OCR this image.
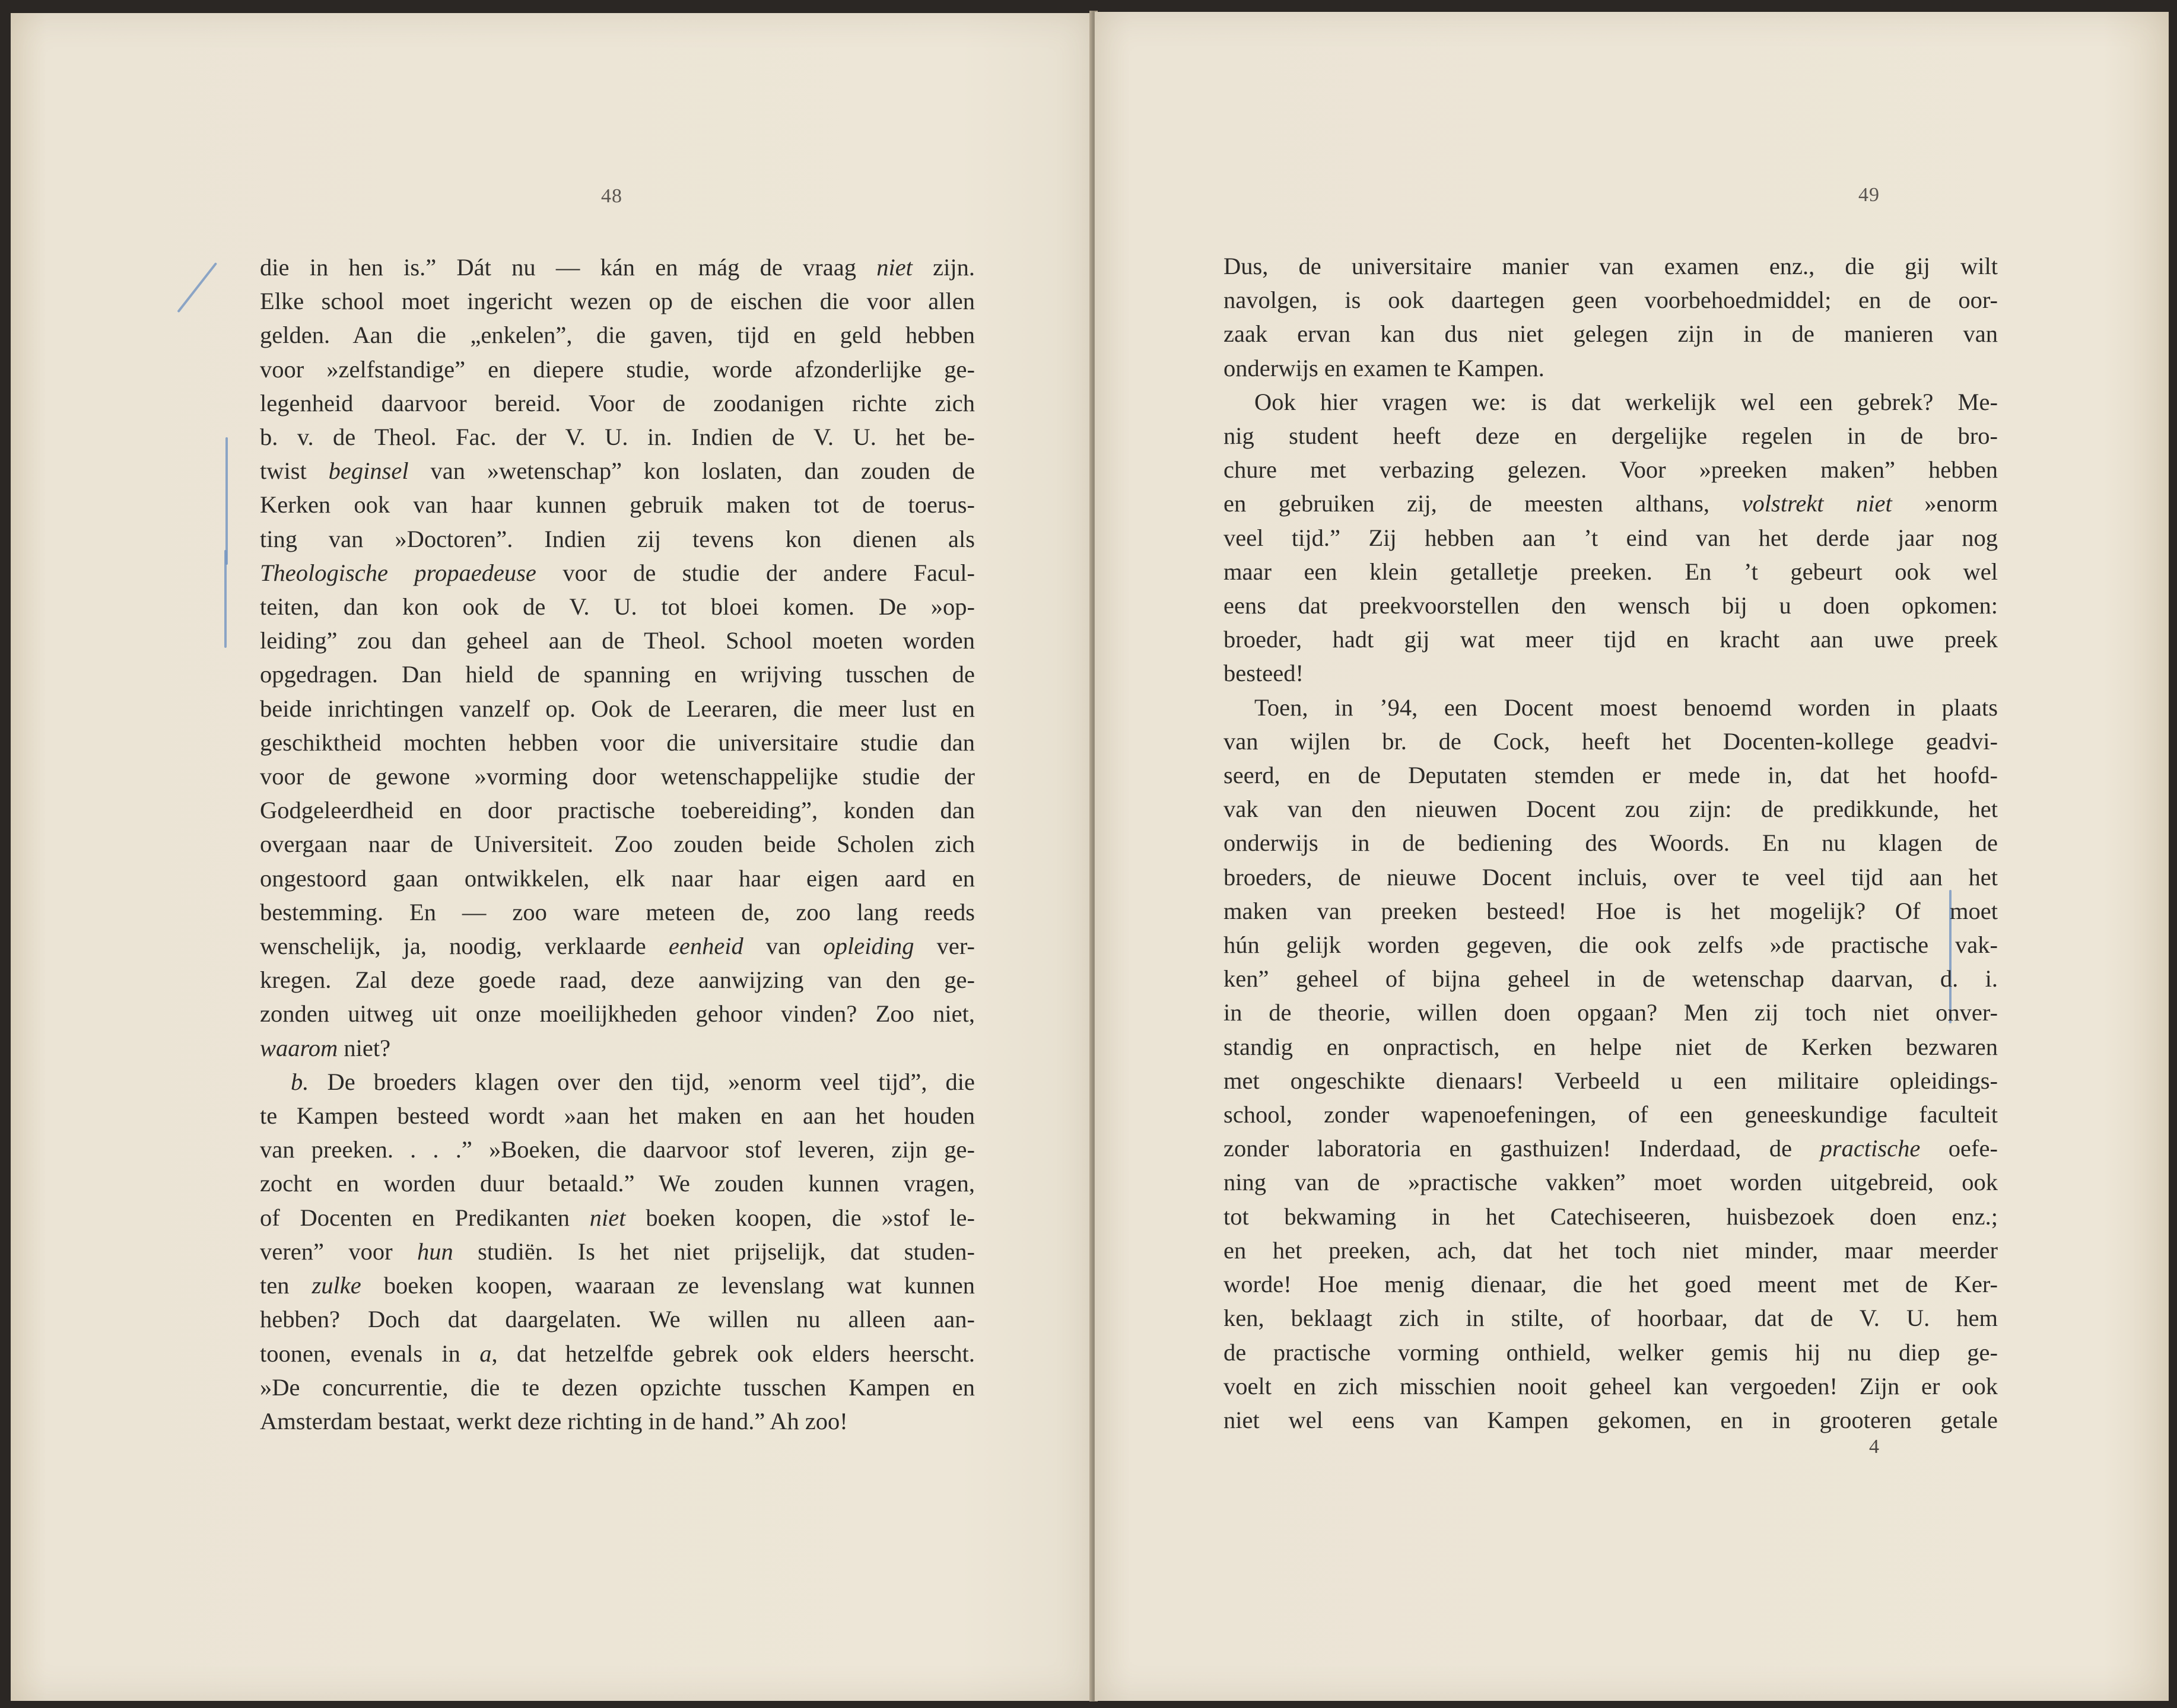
48
die in hen is.” Dát nu — kán en mág de vraag niet zijn.
Elke school moet ingericht wezen op de eischen die voor allen
gelden. Aan die „enkelen”, die gaven, tijd en geld hebben
voor »zelfstandige” en diepere studie, worde afzonderlijke ge-
legenheid daarvoor bereid. Voor de zoodanigen richte zich
b. v. de Theol. Fac. der V. U. in. Indien de V. U. het be-
twist beginsel van »wetenschap” kon loslaten, dan zouden de
Kerken ook van haar kunnen gebruik maken tot de toerus-
ting van »Doctoren”. Indien zij tevens kon dienen als
Theologische propaedeuse voor de studie der andere Facul-
teiten, dan kon ook de V. U. tot bloei komen. De »op-
leiding” zou dan geheel aan de Theol. School moeten worden
opgedragen. Dan hield de spanning en wrijving tusschen de
beide inrichtingen vanzelf op. Ook de Leeraren, die meer lust en
geschiktheid mochten hebben voor die universitaire studie dan
voor de gewone »vorming door wetenschappelijke studie der
Godgeleerdheid en door practische toebereiding”, konden dan
overgaan naar de Universiteit. Zoo zouden beide Scholen zich
ongestoord gaan ontwikkelen, elk naar haar eigen aard en
bestemming. En — zoo ware meteen de, zoo lang reeds
wenschelijk, ja, noodig, verklaarde eenheid van opleiding ver-
kregen. Zal deze goede raad, deze aanwijzing van den ge-
zonden uitweg uit onze moeilijkheden gehoor vinden? Zoo niet,
waarom niet?
b. De broeders klagen over den tijd, »enorm veel tijd”, die
te Kampen besteed wordt »aan het maken en aan het houden
van preeken. . . .” »Boeken, die daarvoor stof leveren, zijn ge-
zocht en worden duur betaald.” We zouden kunnen vragen,
of Docenten en Predikanten niet boeken koopen, die »stof le-
veren” voor hun studiën. Is het niet prijselijk, dat studen-
ten zulke boeken koopen, waaraan ze levenslang wat kunnen
hebben? Doch dat daargelaten. We willen nu alleen aan-
toonen, evenals in a, dat hetzelfde gebrek ook elders heerscht.
»De concurrentie, die te dezen opzichte tusschen Kampen en
Amsterdam bestaat, werkt deze richting in de hand.” Ah zoo!
49
Dus, de universitaire manier van examen enz., die gij wilt
navolgen, is ook daartegen geen voorbehoedmiddel; en de oor-
zaak ervan kan dus niet gelegen zijn in de manieren van
onderwijs en examen te Kampen.
Ook hier vragen we: is dat werkelijk wel een gebrek? Me-
nig student heeft deze en dergelijke regelen in de bro-
chure met verbazing gelezen. Voor »preeken maken” hebben
en gebruiken zij, de meesten althans, volstrekt niet »enorm
veel tijd.” Zij hebben aan ’t eind van het derde jaar nog
maar een klein getalletje preeken. En ’t gebeurt ook wel
eens dat preekvoorstellen den wensch bij u doen opkomen:
broeder, hadt gij wat meer tijd en kracht aan uwe preek
besteed!
Toen, in ’94, een Docent moest benoemd worden in plaats
van wijlen br. de Cock, heeft het Docenten-kollege geadvi-
seerd, en de Deputaten stemden er mede in, dat het hoofd-
vak van den nieuwen Docent zou zijn: de predikkunde, het
onderwijs in de bediening des Woords. En nu klagen de
broeders, de nieuwe Docent incluis, over te veel tijd aan het
maken van preeken besteed! Hoe is het mogelijk? Of moet
hún gelijk worden gegeven, die ook zelfs »de practische vak-
ken” geheel of bijna geheel in de wetenschap daarvan, d. i.
in de theorie, willen doen opgaan? Men zij toch niet onver-
standig en onpractisch, en helpe niet de Kerken bezwaren
met ongeschikte dienaars! Verbeeld u een militaire opleidings-
school, zonder wapenoefeningen, of een geneeskundige faculteit
zonder laboratoria en gasthuizen! Inderdaad, de practische oefe-
ning van de »practische vakken” moet worden uitgebreid, ook
tot bekwaming in het Catechiseeren, huisbezoek doen enz.;
en het preeken, ach, dat het toch niet minder, maar meerder
worde! Hoe menig dienaar, die het goed meent met de Ker-
ken, beklaagt zich in stilte, of hoorbaar, dat de V. U. hem
de practische vorming onthield, welker gemis hij nu diep ge-
voelt en zich misschien nooit geheel kan vergoeden! Zijn er ook
niet wel eens van Kampen gekomen, en in grooteren getale
4
